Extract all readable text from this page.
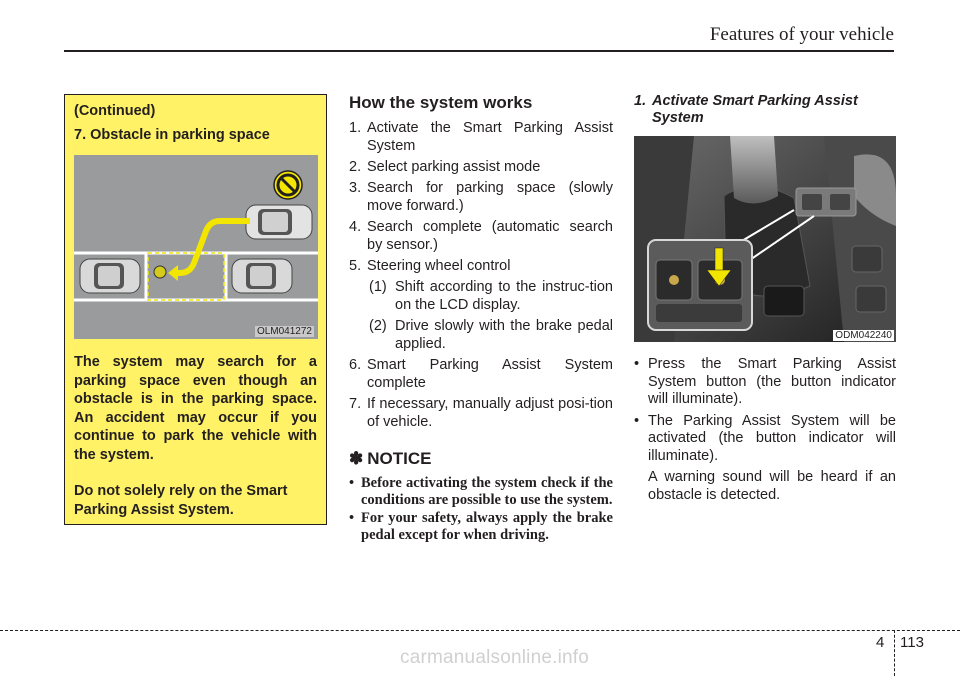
Features of your vehicle
(Continued)
7. Obstacle in parking space
OLM041272
The system may search for a parking space even though an obstacle is in the parking space. An accident may occur if you continue to park the vehicle with the system.
Do not solely rely on the Smart Parking Assist System.
How the system works
1. Activate the Smart Parking Assist System
2. Select parking assist mode
3. Search for parking space (slowly move forward.)
4. Search complete (automatic search by sensor.)
5. Steering wheel control
(1) Shift according to the instruc-tion on the LCD display.
(2) Drive slowly with the brake pedal applied.
6. Smart Parking Assist System complete
7. If necessary, manually adjust posi-tion of vehicle.
✽ NOTICE
• Before activating the system check if the conditions are possible to use the system.
• For your safety, always apply the brake pedal except for when driving.
1. Activate Smart Parking Assist System
ODM042240
• Press the Smart Parking Assist System button (the button indicator will illuminate).
• The Parking Assist System will be activated (the button indicator will illuminate).
A warning sound will be heard if an obstacle is detected.
4 113
carmanualsonline.info
